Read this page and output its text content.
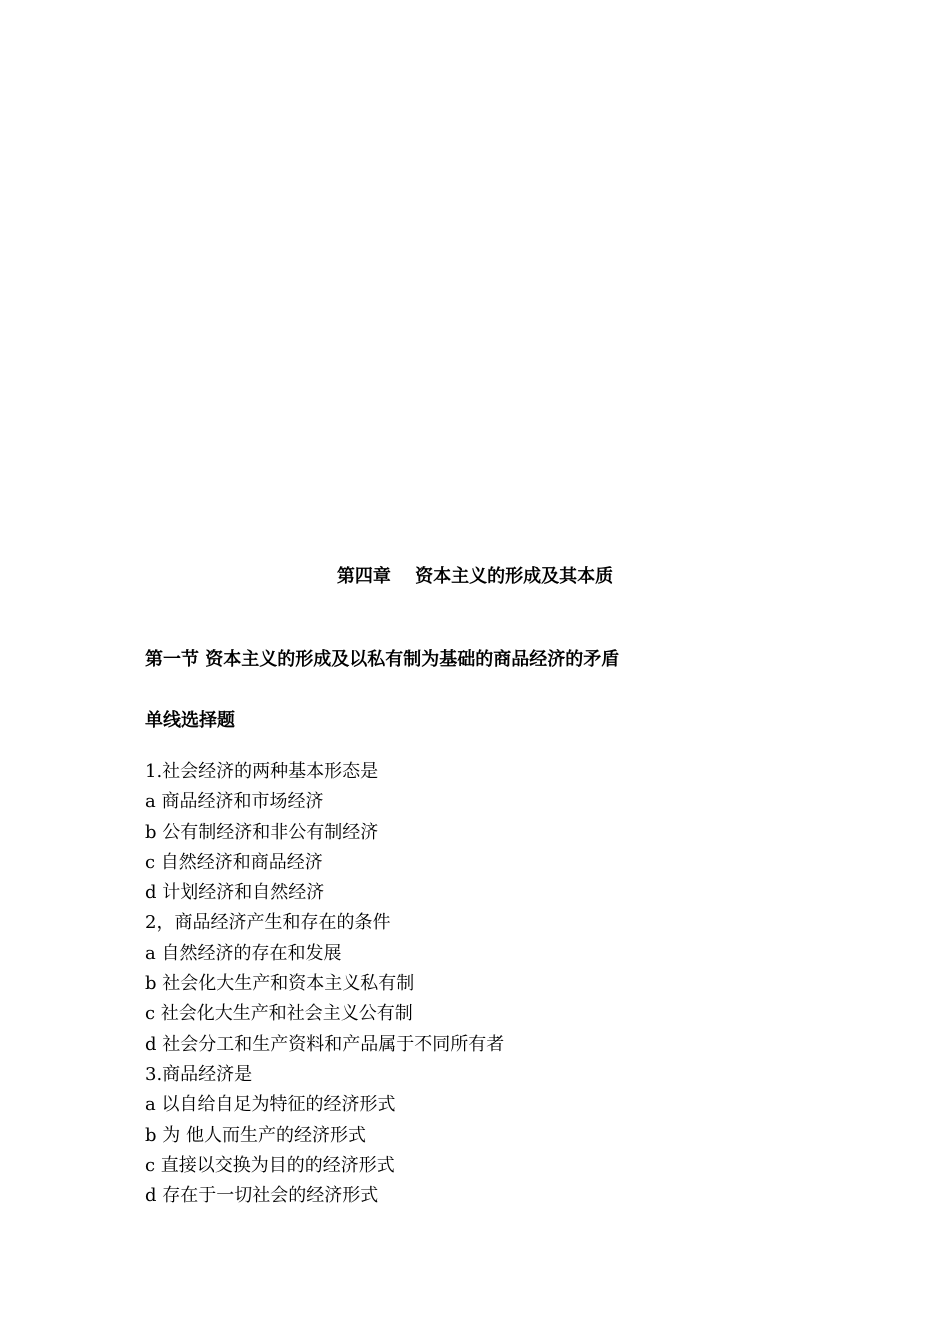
第四章　 资本主义的形成及其本质
第一节 资本主义的形成及以私有制为基础的商品经济的矛盾
单线选择题
1.社会经济的两种基本形态是
a 商品经济和市场经济
b 公有制经济和非公有制经济
c 自然经济和商品经济
d 计划经济和自然经济
2，商品经济产生和存在的条件
a 自然经济的存在和发展
b 社会化大生产和资本主义私有制
c 社会化大生产和社会主义公有制
d 社会分工和生产资料和产品属于不同所有者
3.商品经济是
a 以自给自足为特征的经济形式
b 为 他人而生产的经济形式
c 直接以交换为目的的经济形式
d 存在于一切社会的经济形式
